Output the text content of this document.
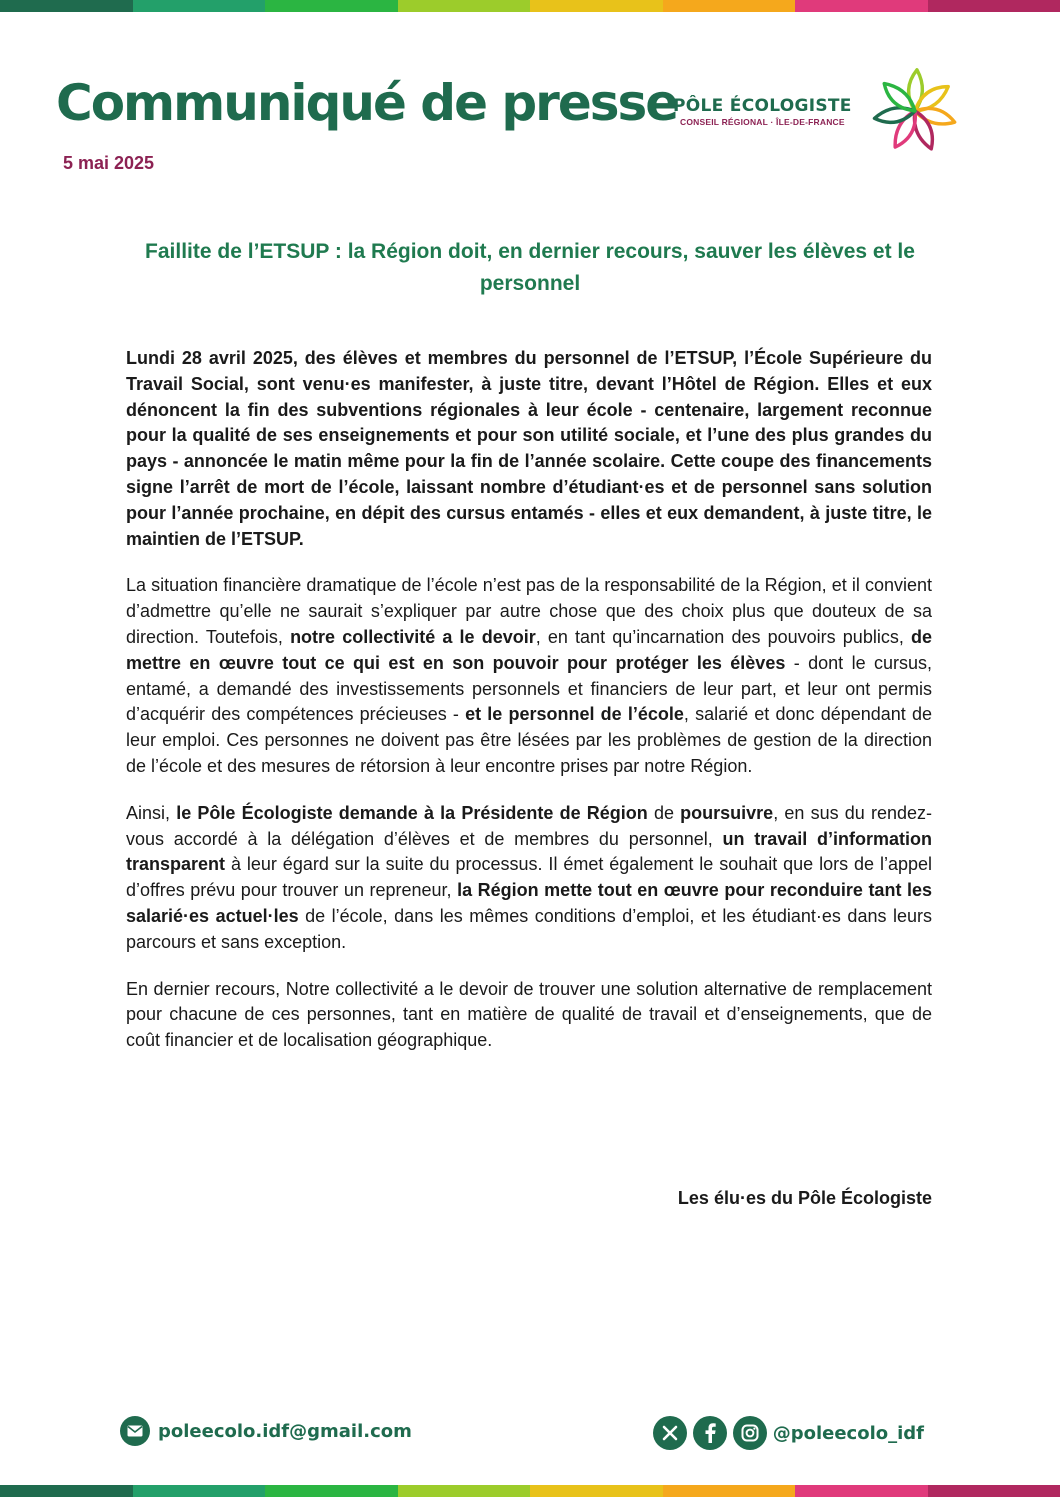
Communiqué de presse
5 mai 2025
PÔLE ÉCOLOGISTE
CONSEIL RÉGIONAL · ÎLE-DE-FRANCE
Faillite de l’ETSUP : la Région doit, en dernier recours, sauver les élèves et le personnel

Lundi 28 avril 2025, des élèves et membres du personnel de l’ETSUP, l’École Supérieure du Travail Social, sont venu·es manifester, à juste titre, devant l’Hôtel de Région. Elles et eux dénoncent la fin des subventions régionales à leur école - centenaire, largement reconnue pour la qualité de ses enseignements et pour son utilité sociale, et l’une des plus grandes du pays - annoncée le matin même pour la fin de l’année scolaire. Cette coupe des financements signe l’arrêt de mort de l’école, laissant nombre d’étudiant·es et de personnel sans solution pour l’année prochaine, en dépit des cursus entamés - elles et eux demandent, à juste titre, le maintien de l’ETSUP.

La situation financière dramatique de l’école n’est pas de la responsabilité de la Région, et il convient d’admettre qu’elle ne saurait s’expliquer par autre chose que des choix plus que douteux de sa direction. Toutefois, notre collectivité a le devoir, en tant qu’incarnation des pouvoirs publics, de mettre en œuvre tout ce qui est en son pouvoir pour protéger les élèves - dont le cursus, entamé, a demandé des investissements personnels et financiers de leur part, et leur ont permis d’acquérir des compétences précieuses - et le personnel de l’école, salarié et donc dépendant de leur emploi. Ces personnes ne doivent pas être lésées par les problèmes de gestion de la direction de l’école et des mesures de rétorsion à leur encontre prises par notre Région.

Ainsi, le Pôle Écologiste demande à la Présidente de Région de poursuivre, en sus du rendez-vous accordé à la délégation d’élèves et de membres du personnel, un travail d’information transparent à leur égard sur la suite du processus. Il émet également le souhait que lors de l’appel d’offres prévu pour trouver un repreneur, la Région mette tout en œuvre pour reconduire tant les salarié·es actuel·les de l’école, dans les mêmes conditions d’emploi, et les étudiant·es dans leurs parcours et sans exception.

En dernier recours, Notre collectivité a le devoir de trouver une solution alternative de remplacement pour chacune de ces personnes, tant en matière de qualité de travail et d’enseignements, que de coût financier et de localisation géographique.

Les élu·es du Pôle Écologiste
poleecolo.idf@gmail.com	@poleecolo_idf
